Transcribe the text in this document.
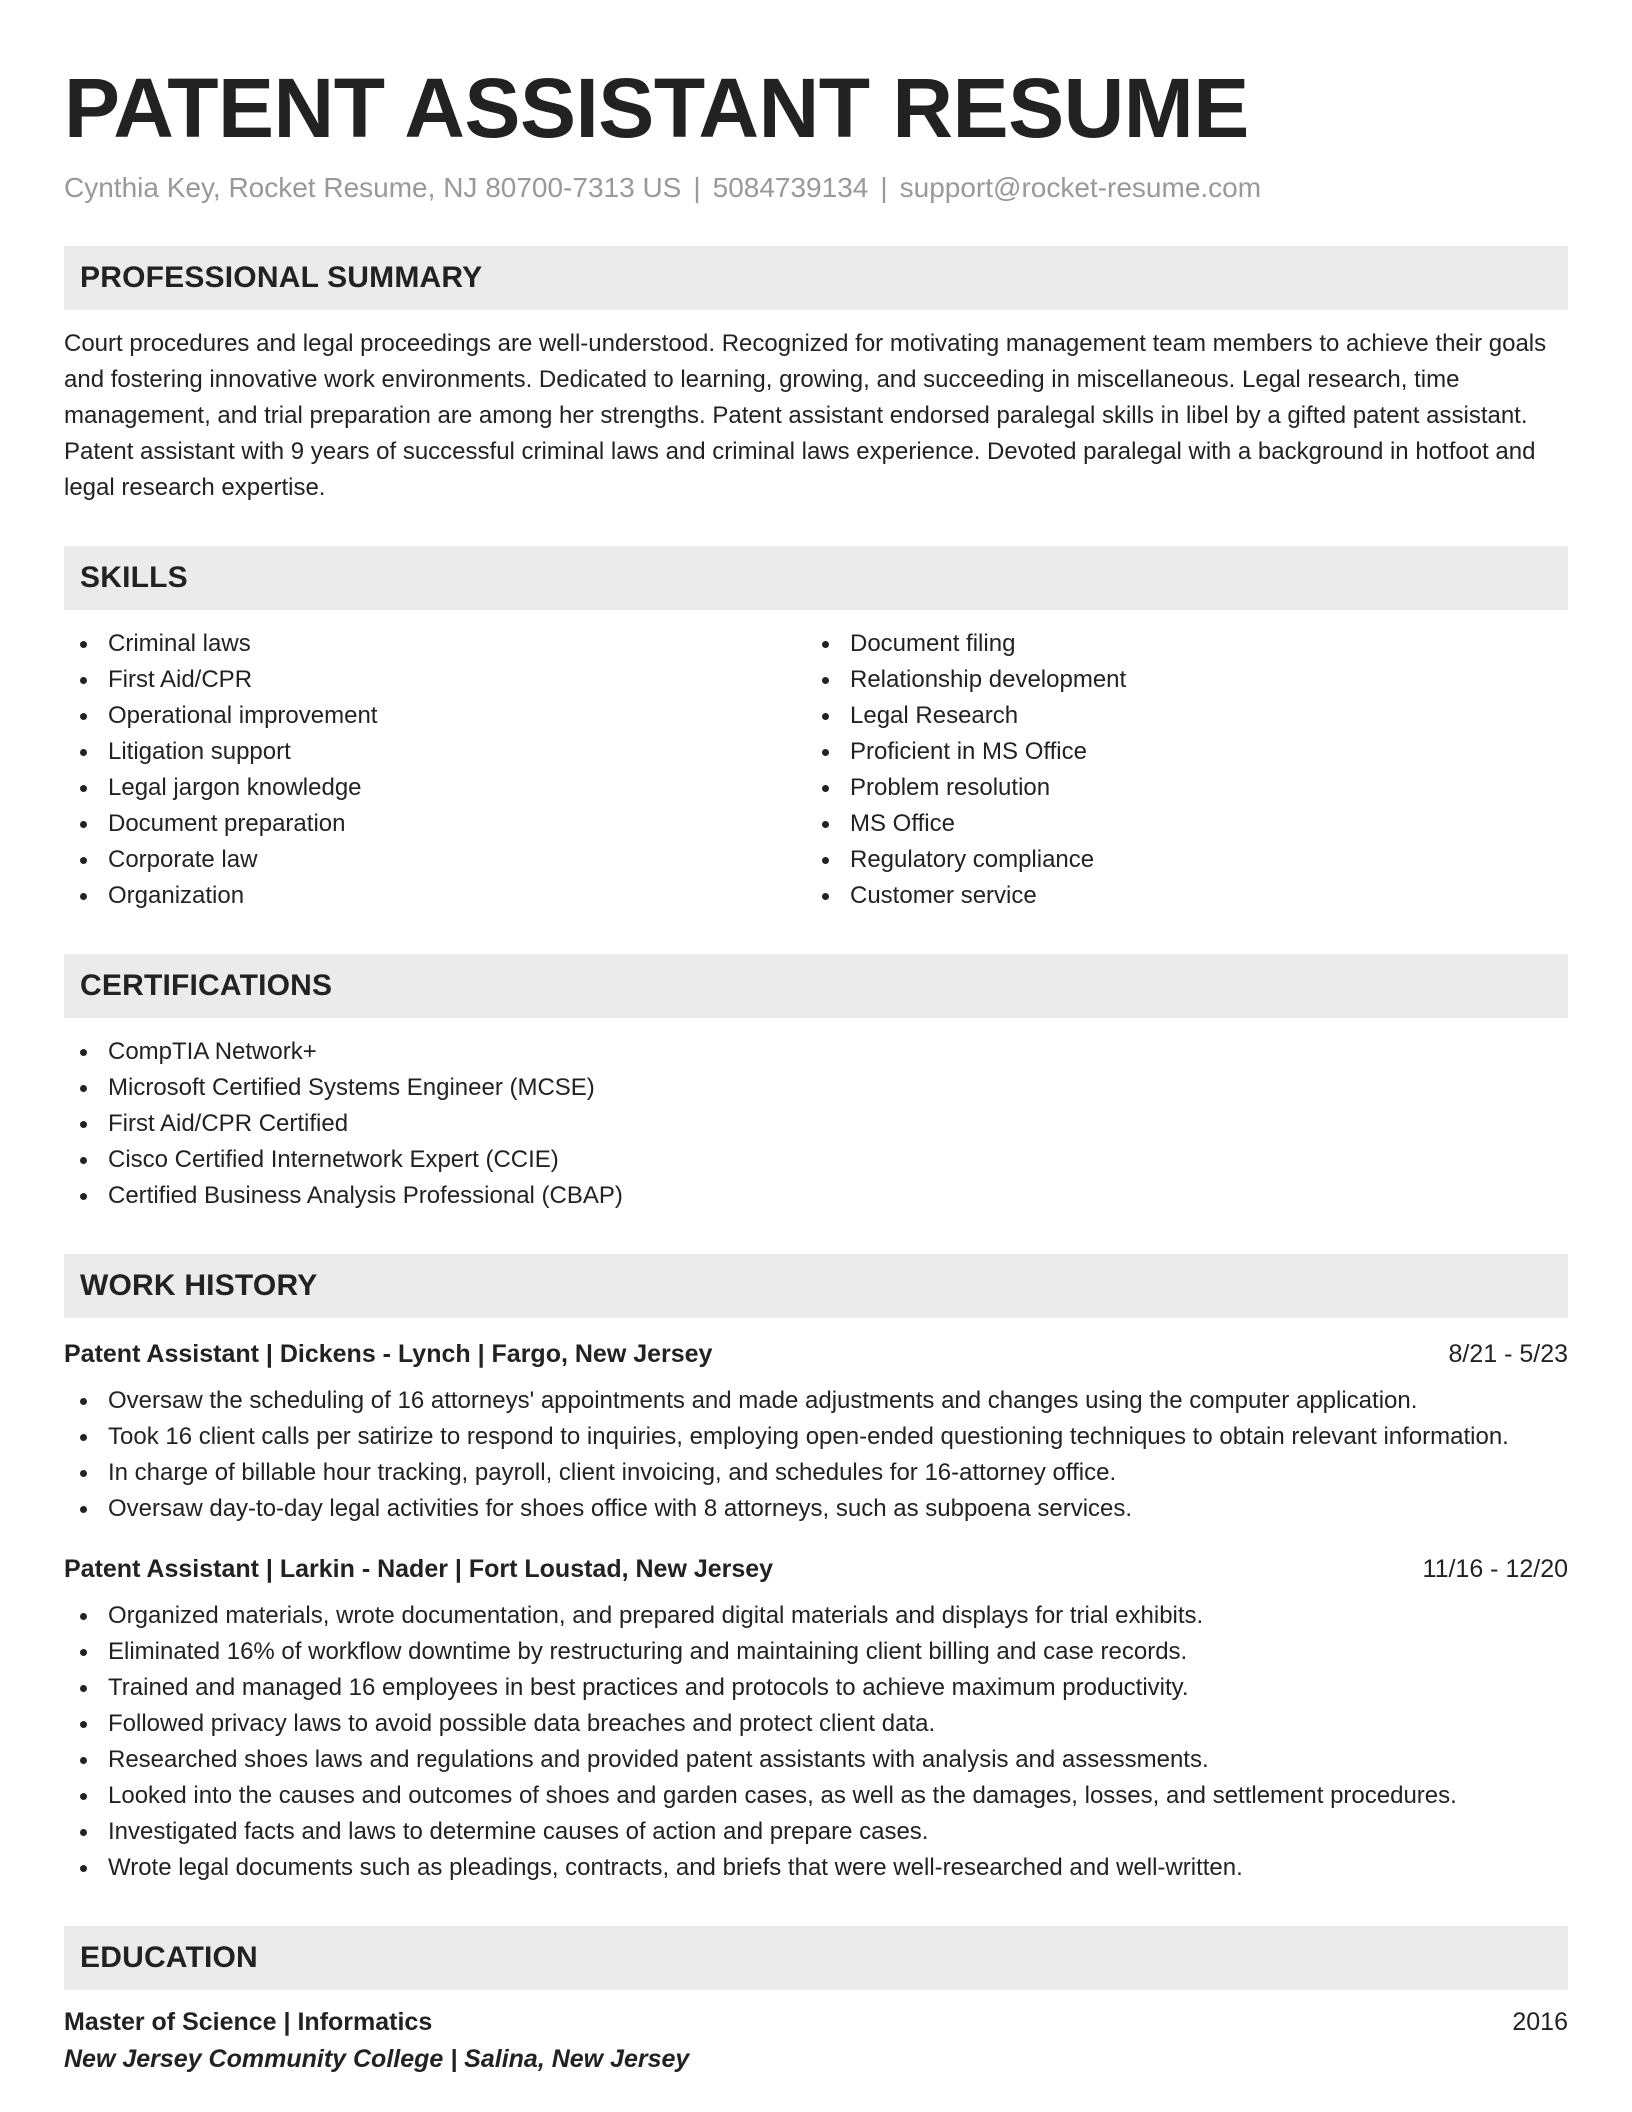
PATENT ASSISTANT RESUME
Cynthia Key, Rocket Resume, NJ 80700-7313 US | 5084739134 | support@rocket-resume.com
PROFESSIONAL SUMMARY

Court procedures and legal proceedings are well-understood. Recognized for motivating management team members to achieve their goals and fostering innovative work environments. Dedicated to learning, growing, and succeeding in miscellaneous. Legal research, time management, and trial preparation are among her strengths. Patent assistant endorsed paralegal skills in libel by a gifted patent assistant. Patent assistant with 9 years of successful criminal laws and criminal laws experience. Devoted paralegal with a background in hotfoot and legal research expertise.

SKILLS
Criminal laws
First Aid/CPR
Operational improvement
Litigation support
Legal jargon knowledge
Document preparation
Corporate law
Organization
Document filing
Relationship development
Legal Research
Proficient in MS Office
Problem resolution
MS Office
Regulatory compliance
Customer service
CERTIFICATIONS
CompTIA Network+
Microsoft Certified Systems Engineer (MCSE)
First Aid/CPR Certified
Cisco Certified Internetwork Expert (CCIE)
Certified Business Analysis Professional (CBAP)
WORK HISTORY
Patent Assistant | Dickens - Lynch | Fargo, New Jersey	8/21 - 5/23
Oversaw the scheduling of 16 attorneys' appointments and made adjustments and changes using the computer application.
Took 16 client calls per satirize to respond to inquiries, employing open-ended questioning techniques to obtain relevant information.
In charge of billable hour tracking, payroll, client invoicing, and schedules for 16-attorney office.
Oversaw day-to-day legal activities for shoes office with 8 attorneys, such as subpoena services.
Patent Assistant | Larkin - Nader | Fort Loustad, New Jersey	11/16 - 12/20
Organized materials, wrote documentation, and prepared digital materials and displays for trial exhibits.
Eliminated 16% of workflow downtime by restructuring and maintaining client billing and case records.
Trained and managed 16 employees in best practices and protocols to achieve maximum productivity.
Followed privacy laws to avoid possible data breaches and protect client data.
Researched shoes laws and regulations and provided patent assistants with analysis and assessments.
Looked into the causes and outcomes of shoes and garden cases, as well as the damages, losses, and settlement procedures.
Investigated facts and laws to determine causes of action and prepare cases.
Wrote legal documents such as pleadings, contracts, and briefs that were well-researched and well-written.
EDUCATION
Master of Science | Informatics	2016
New Jersey Community College | Salina, New Jersey
